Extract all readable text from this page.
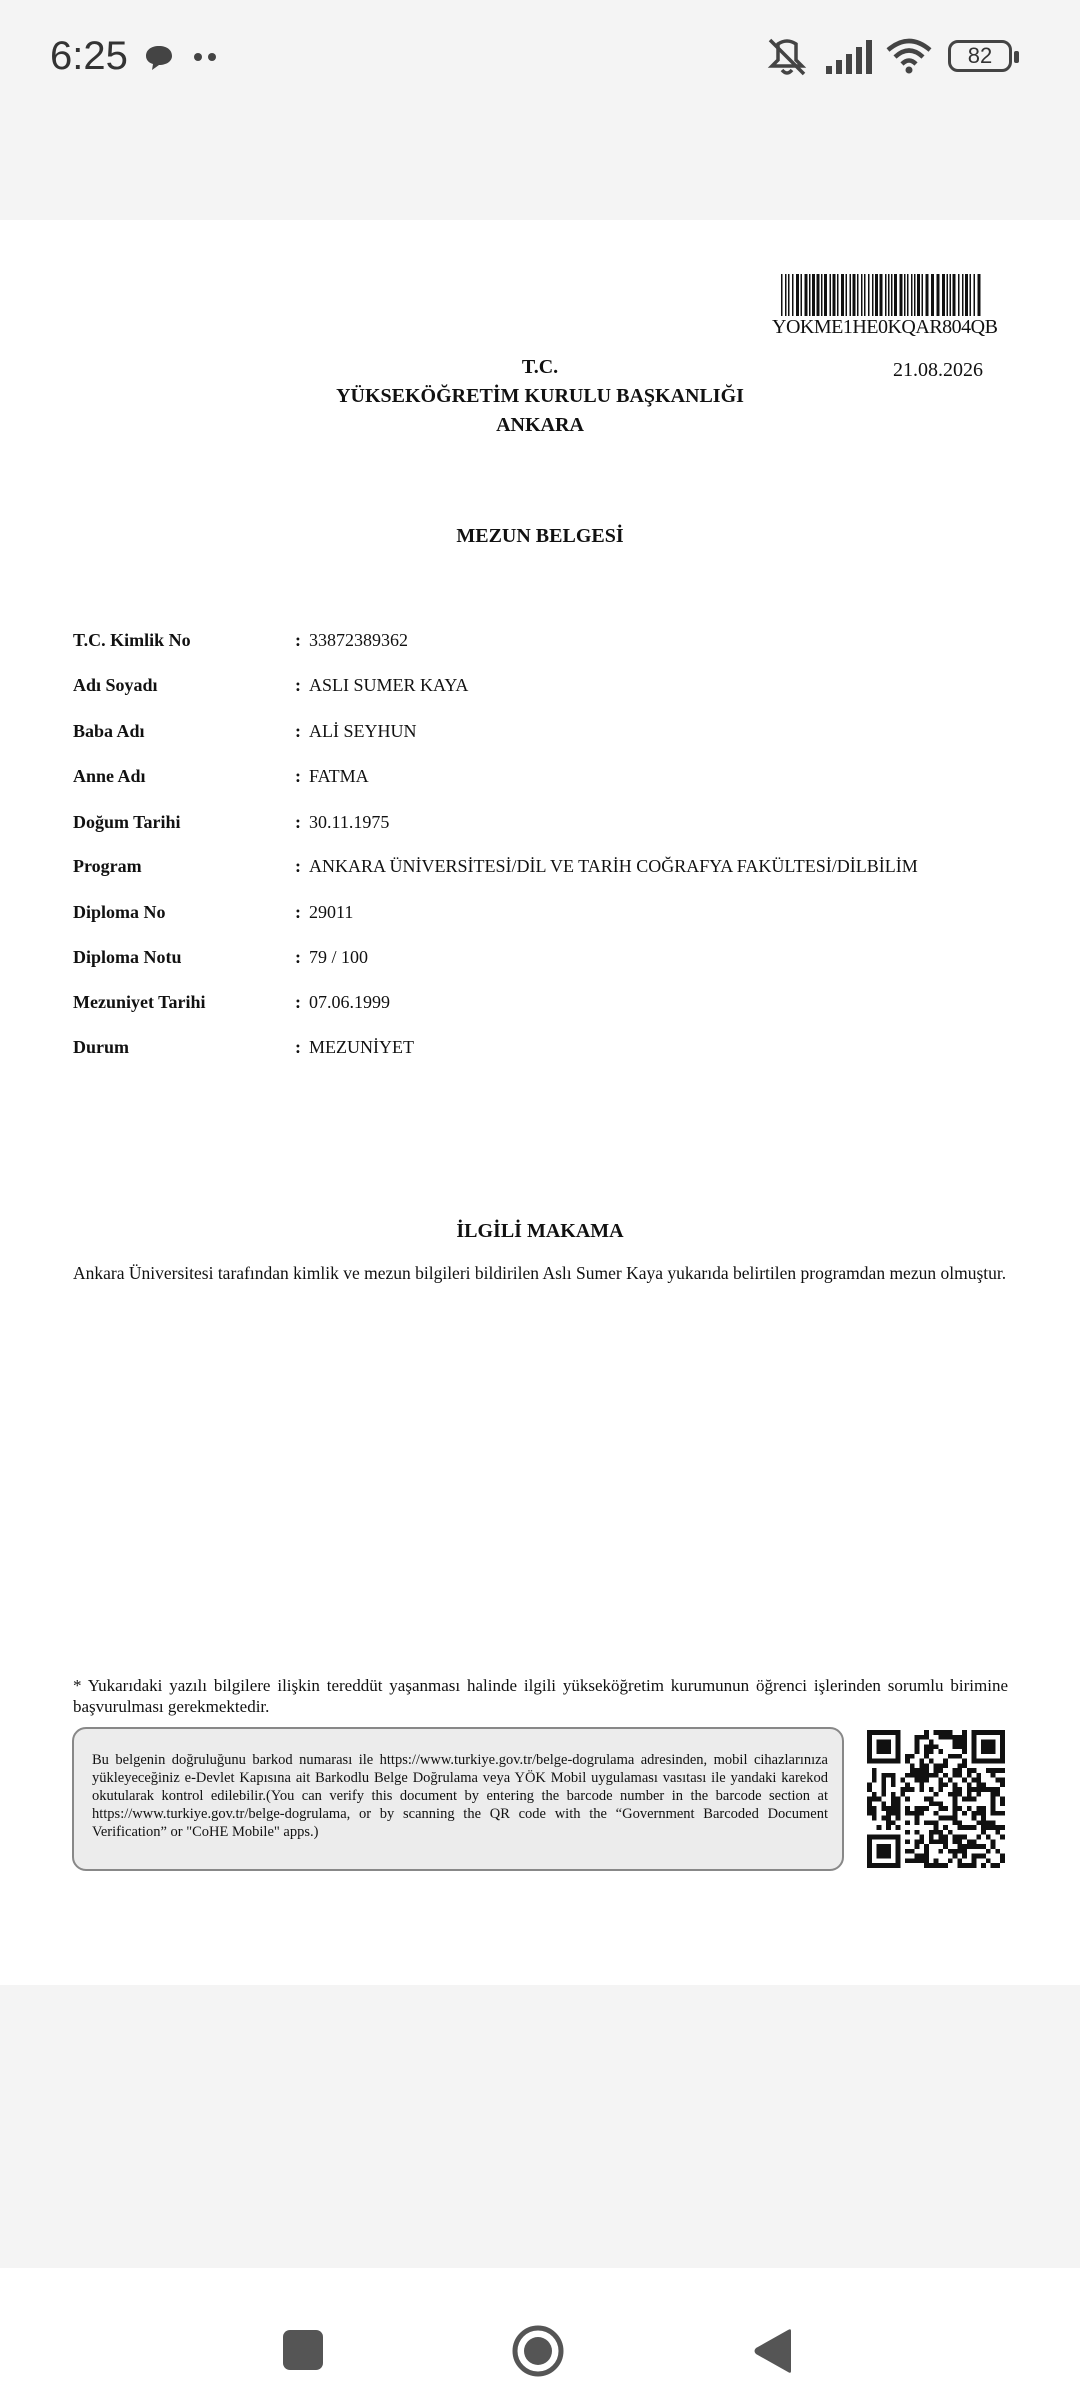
6:25	82
YOKME1HE0KQAR804QB
21.08.2026
T.C.
YÜKSEKÖĞRETİM KURULU BAŞKANLIĞI
ANKARA
MEZUN BELGESİ
T.C. Kimlik No	: 33872389362
Adı Soyadı	: ASLI SUMER KAYA
Baba Adı	: ALİ SEYHUN
Anne Adı	: FATMA
Doğum Tarihi	: 30.11.1975
Program	: ANKARA ÜNİVERSİTESİ/DİL VE TARİH COĞRAFYA FAKÜLTESİ/DİLBİLİM
Diploma No	: 29011
Diploma Notu	: 79 / 100
Mezuniyet Tarihi	: 07.06.1999
Durum	: MEZUNİYET
İLGİLİ MAKAMA
Ankara Üniversitesi tarafından kimlik ve mezun bilgileri bildirilen Aslı Sumer Kaya yukarıda belirtilen programdan mezun olmuştur.
* Yukarıdaki yazılı bilgilere ilişkin tereddüt yaşanması halinde ilgili yükseköğretim kurumunun öğrenci işlerinden sorumlu birimine başvurulması gerekmektedir.
Bu belgenin doğruluğunu barkod numarası ile https://www.turkiye.gov.tr/belge-dogrulama adresinden, mobil cihazlarınıza yükleyeceğiniz e-Devlet Kapısına ait Barkodlu Belge Doğrulama veya YÖK Mobil uygulaması vasıtası ile yandaki karekod okutularak kontrol edilebilir.(You can verify this document by entering the barcode number in the barcode section at https://www.turkiye.gov.tr/belge-dogrulama, or by scanning the QR code with the “Government Barcoded Document Verification” or "CoHE Mobile" apps.)
